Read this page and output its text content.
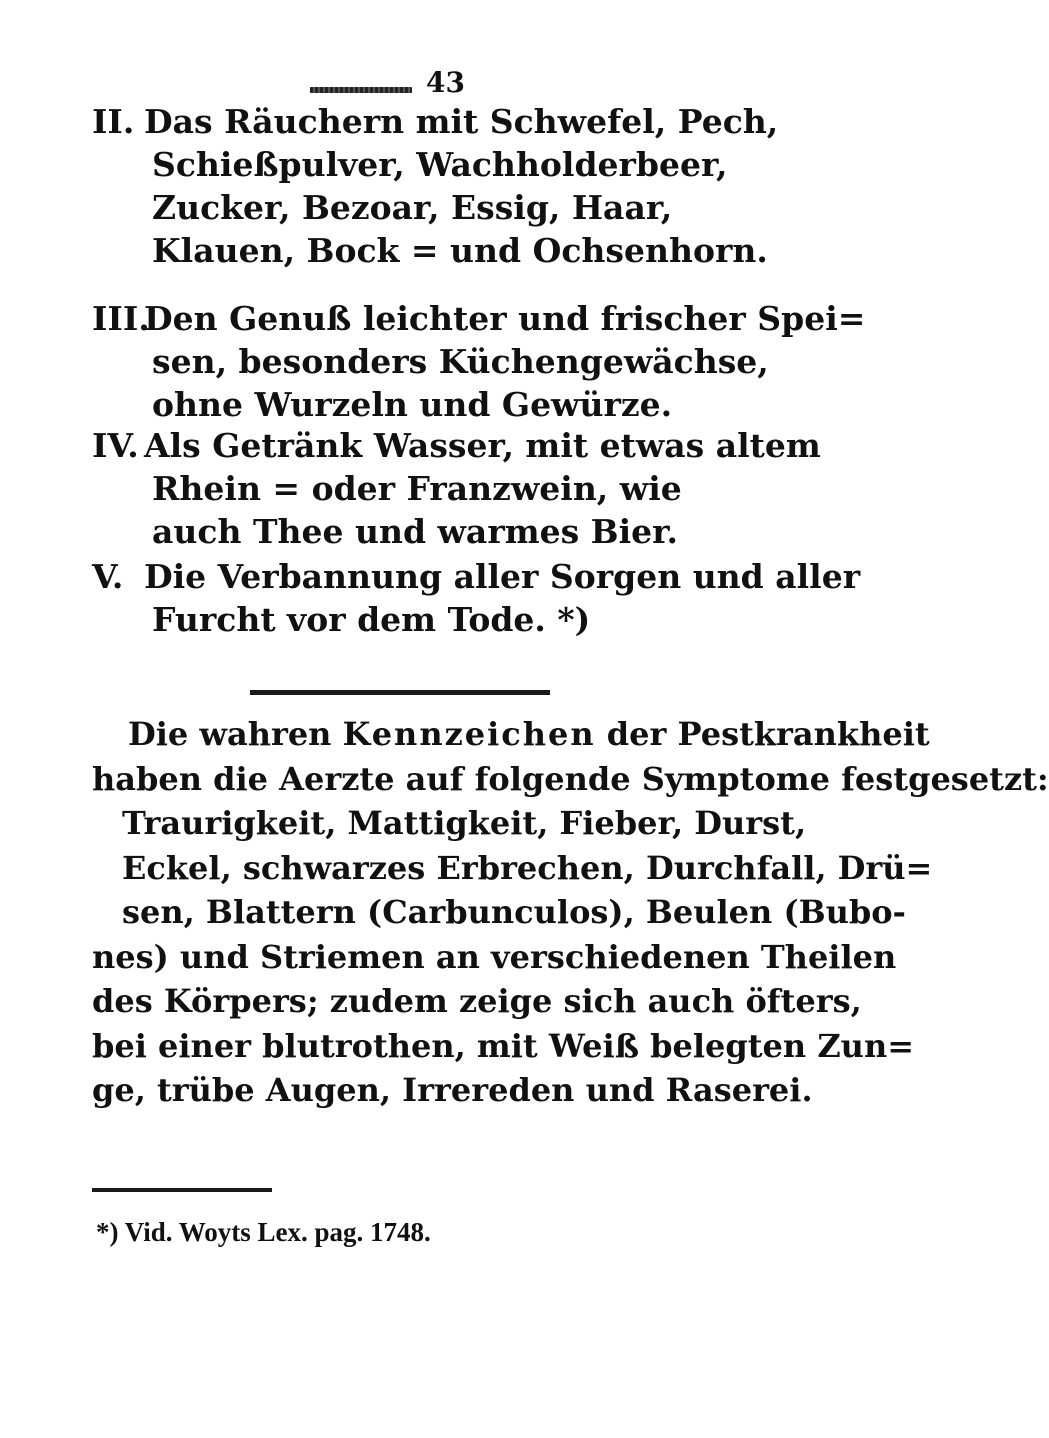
43
II. Das Räuchern mit Schwefel, Pech,
Schießpulver, Wachholderbeer,
Zucker, Bezoar, Essig, Haar,
Klauen, Bock = und Ochsenhorn.
III.
Den Genuß leichter und frischer Spei=
sen, besonders Küchengewächse,
ohne Wurzeln und Gewürze.
IV. Als Getränk Wasser, mit etwas altem
Rhein = oder Franzwein, wie
auch Thee und warmes Bier.
V. Die Verbannung aller Sorgen und aller
Furcht vor dem Tode. *)
Die wahren Kennzeichen der Pestkrankheit
haben die Aerzte auf folgende Symptome festgesetzt:
Traurigkeit, Mattigkeit, Fieber, Durst,
Eckel, schwarzes Erbrechen, Durchfall, Drü=
sen, Blattern (Carbunculos), Beulen (Bubo-
nes) und Striemen an verschiedenen Theilen
des Körpers; zudem zeige sich auch öfters,
bei einer blutrothen, mit Weiß belegten Zun=
ge, trübe Augen, Irrereden und Raserei.
*) Vid. Woyts Lex. pag. 1748.
